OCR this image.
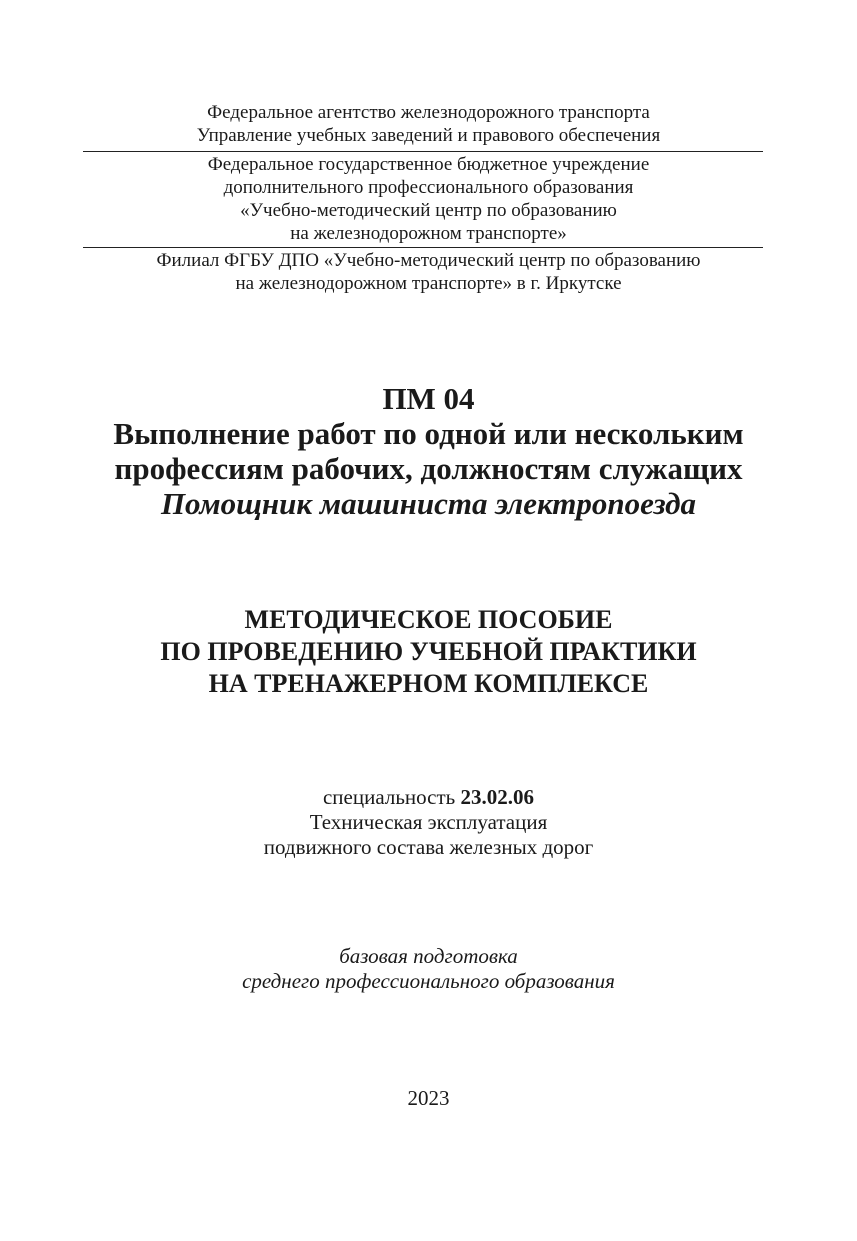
Федеральное агентство железнодорожного транспорта
Управление учебных заведений и правового обеспечения
Федеральное государственное бюджетное учреждение
дополнительного профессионального образования
«Учебно-методический центр по образованию
на железнодорожном транспорте»
Филиал ФГБУ ДПО «Учебно-методический центр по образованию
на железнодорожном транспорте» в г. Иркутске
ПМ 04
Выполнение работ по одной или нескольким
профессиям рабочих, должностям служащих
Помощник машиниста электропоезда
МЕТОДИЧЕСКОЕ ПОСОБИЕ
ПО ПРОВЕДЕНИЮ УЧЕБНОЙ ПРАКТИКИ
НА ТРЕНАЖЕРНОМ КОМПЛЕКСЕ
специальность 23.02.06
Техническая эксплуатация
подвижного состава железных дорог
базовая подготовка
среднего профессионального образования
2023
